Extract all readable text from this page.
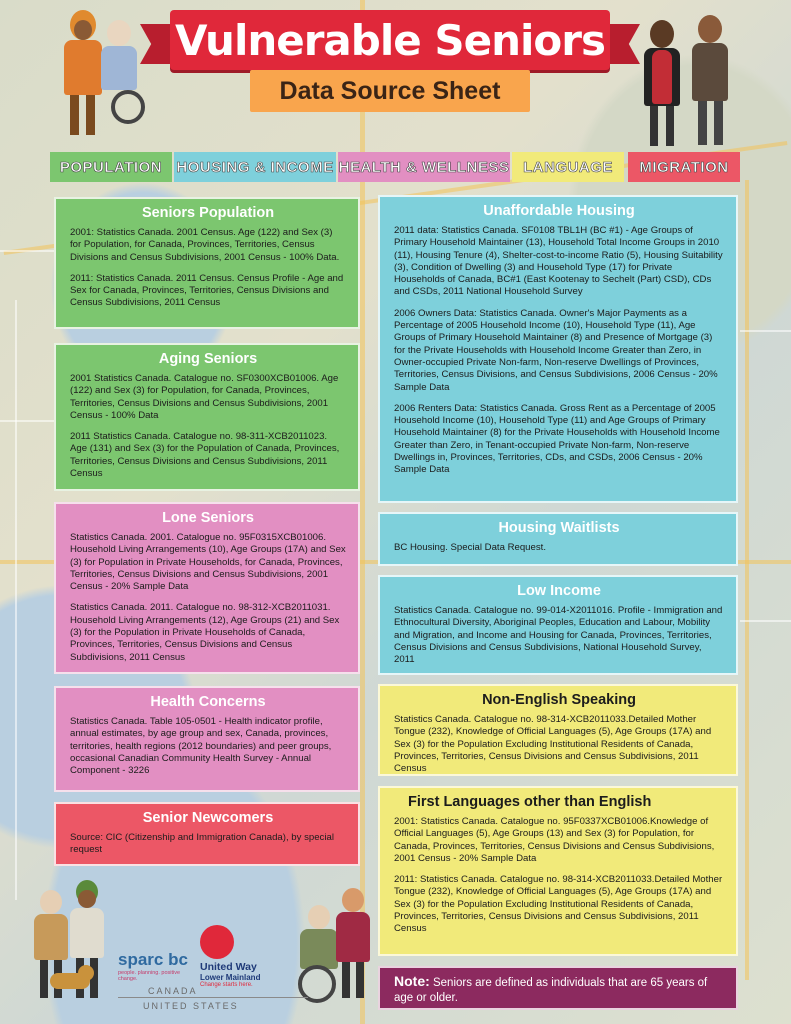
Vulnerable Seniors
Data Source Sheet
POPULATION HOUSING & INCOME HEALTH & WELLNESS LANGUAGE	MIGRATION
Seniors Population

2001: Statistics Canada. 2001 Census. Age (122) and Sex (3) for Population, for Canada, Provinces, Territories, Census Divisions and Census Subdivisions, 2001 Census - 100% Data.

2011: Statistics Canada. 2011 Census. Census Profile - Age and Sex for Canada, Provinces, Territories, Census Divisions and Census Subdivisions, 2011 Census

Aging Seniors

2001 Statistics Canada. Catalogue no. SF0300XCB01006. Age (122) and Sex (3) for Population, for Canada, Provinces, Territories, Census Divisions and Census Subdivisions, 2001 Census - 100% Data

2011 Statistics Canada. Catalogue no. 98-311-XCB2011023. Age (131) and Sex (3) for the Population of Canada, Provinces, Territories, Census Divisions and Census Subdivisions, 2011 Census

Lone Seniors

Statistics Canada. 2001. Catalogue no. 95F0315XCB01006. Household Living Arrangements (10), Age Groups (17A) and Sex (3) for Population in Private Households, for Canada, Provinces, Territories, Census Divisions and Census Subdivisions, 2001 Census - 20% Sample Data

Statistics Canada. 2011. Catalogue no. 98-312-XCB2011031. Household Living Arrangements (12), Age Groups (21) and Sex (3) for the Population in Private Households of Canada, Provinces, Territories, Census Divisions and Census Subdivisions, 2011 Census

Health Concerns

Statistics Canada. Table 105-0501 - Health indicator profile, annual estimates, by age group and sex, Canada, provinces, territories, health regions (2012 boundaries) and peer groups, occasional Canadian Community Health Survey - Annual Component - 3226

Senior Newcomers

Source: CIC (Citizenship and Immigration Canada), by special request

Unaffordable Housing

2011 data: Statistics Canada. SF0108 TBL1H (BC #1) - Age Groups of Primary Household Maintainer (13), Household Total Income Groups in 2010 (11), Housing Tenure (4), Shelter-cost-to-income Ratio (5), Housing Suitability (3), Condition of Dwelling (3) and Household Type (17) for Private Households of Canada, BC#1 (East Kootenay to Sechelt (Part) CSD), CDs and CSDs, 2011 National Household Survey

2006 Owners Data: Statistics Canada. Owner's Major Payments as a Percentage of 2005 Household Income (10), Household Type (11), Age Groups of Primary Household Maintainer (8) and Presence of Mortgage (3) for the Private Households with Household Income Greater than Zero, in Owner-occupied Private Non-farm, Non-reserve Dwellings of Provinces, Territories, Census Divisions, and Census Subdivisions, 2006 Census - 20% Sample Data

2006 Renters Data: Statistics Canada. Gross Rent as a Percentage of 2005 Household Income (10), Household Type (11) and Age Groups of Primary Household Maintainer (8) for the Private Households with Household Income Greater than Zero, in Tenant-occupied Private Non-farm, Non-reserve Dwellings in, Provinces, Territories, CDs, and CSDs, 2006 Census - 20% Sample Data

Housing Waitlists

BC Housing. Special Data Request.

Low Income

Statistics Canada. Catalogue no. 99-014-X2011016. Profile - Immigration and Ethnocultural Diversity, Aboriginal Peoples, Education and Labour, Mobility and Migration, and Income and Housing for Canada, Provinces, Territories, Census Divisions and Census Subdivisions, National Household Survey, 2011

Non-English Speaking

Statistics Canada. Catalogue no. 98-314-XCB2011033.Detailed Mother Tongue (232), Knowledge of Official Languages (5), Age Groups (17A) and Sex (3) for the Population Excluding Institutional Residents of Canada, Provinces, Territories, Census Divisions and Census Subdivisions, 2011 Census

First Languages other than English

2001: Statistics Canada. Catalogue no. 95F0337XCB01006.Knowledge of Official Languages (5), Age Groups (13) and Sex (3) for Population, for Canada, Provinces, Territories, Census Divisions and Census Subdivisions, 2001 Census - 20% Sample Data

2011: Statistics Canada. Catalogue no. 98-314-XCB2011033.Detailed Mother Tongue (232), Knowledge of Official Languages (5), Age Groups (17A) and Sex (3) for the Population Excluding Institutional Residents of Canada, Provinces, Territories, Census Divisions and Census Subdivisions, 2011 Census

Note: Seniors are defined as individuals that are 65 years of age or older.

sparc bc
people. planning. positive change.
United Way
Lower Mainland
Change starts here.
CANADA
UNITED STATES
